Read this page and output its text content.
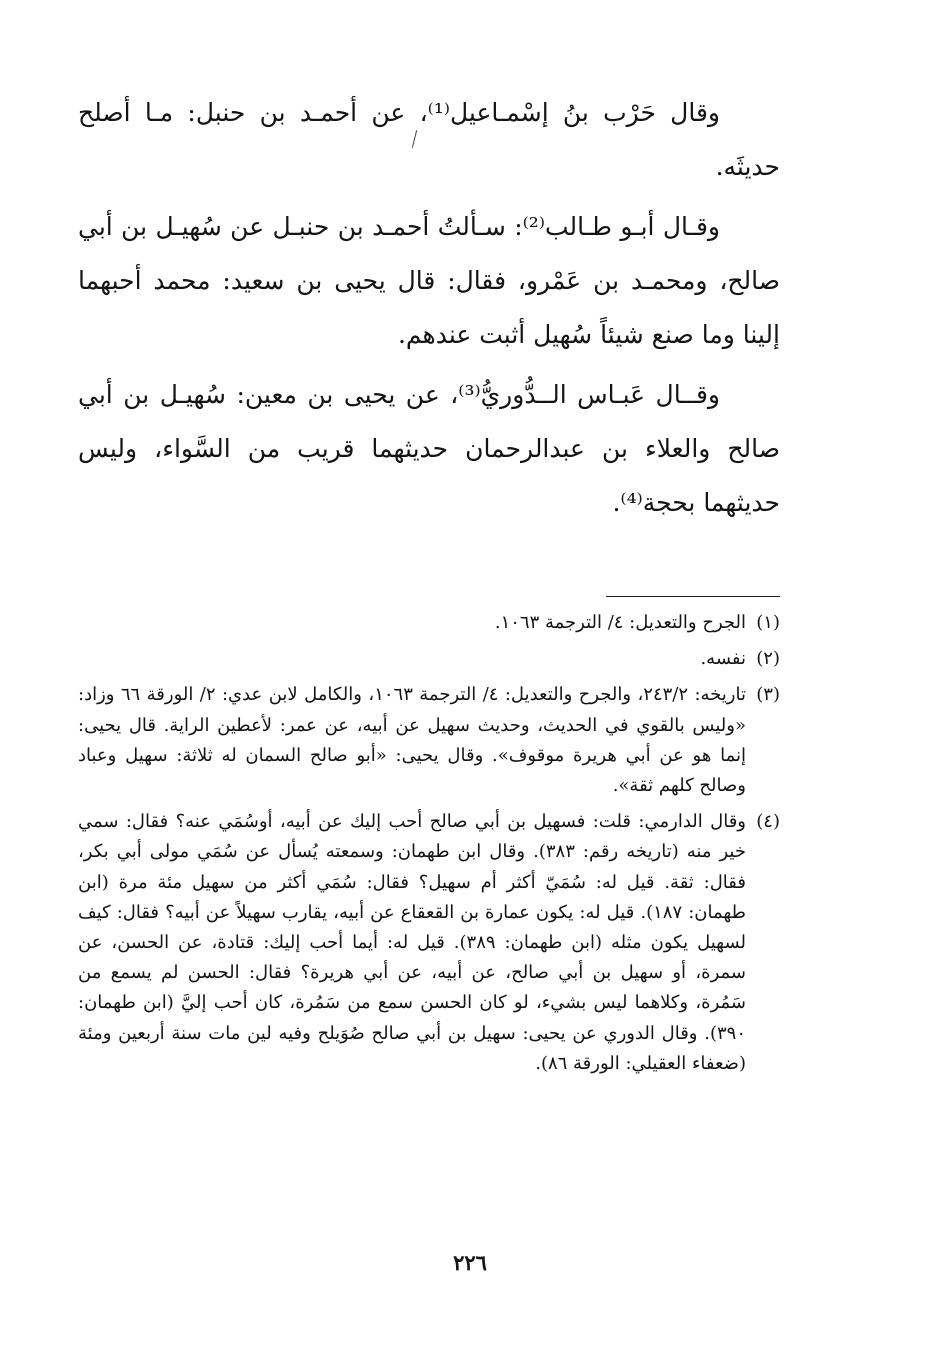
وقال حَرْب بنُ إسْمـاعيل⁽¹⁾، عن أحمـد بن حنبل: مـا أصلح حديثَه.

وقـال أبـو طـالب⁽²⁾: سـألتُ أحمـد بن حنبـل عن سُهيـل بن أبي صالح، ومحمـد بن عَمْرو، فقال: قال يحيى بن سعيد: محمد أحبهما إلينا وما صنع شيئاً سُهيل أثبت عندهم.

وقــال عَبـاس الــدُّوريُّ⁽³⁾، عن يحيى بن معين: سُهيـل بن أبي صالح والعلاء بن عبدالرحمان حديثهما قريب من السَّواء، وليس حديثهما بحجة⁽⁴⁾.

(١)
الجرح والتعديل: ٤/ الترجمة ١٠٦٣.
(٢)
نفسه.
(٣)
تاريخه: ٢٤٣/٢، والجرح والتعديل: ٤/ الترجمة ١٠٦٣، والكامل لابن عدي: ٢/ الورقة ٦٦ وزاد: «وليس بالقوي في الحديث، وحديث سهيل عن أبيه، عن عمر: لأعطين الراية. قال يحيى: إنما هو عن أبي هريرة موقوف». وقال يحيى: «أبو صالح السمان له ثلاثة: سهيل وعباد وصالح كلهم ثقة».
(٤)
وقال الدارمي: قلت: فسهيل بن أبي صالح أحب إليك عن أبيه، أوسُمَي عنه؟ فقال: سمي خير منه (تاريخه رقم: ٣٨٣). وقال ابن طهمان: وسمعته يُسأل عن سُمَي مولى أبي بكر، فقال: ثقة. قيل له: سُمَيّ أكثر أم سهيل؟ فقال: سُمَي أكثر من سهيل مئة مرة (ابن طهمان: ١٨٧). قيل له: يكون عمارة بن القعقاع عن أبيه، يقارب سهيلاً عن أبيه؟ فقال: كيف لسهيل يكون مثله (ابن طهمان: ٣٨٩). قيل له: أيما أحب إليك: قتادة، عن الحسن، عن سمرة، أو سهيل بن أبي صالح، عن أبيه، عن أبي هريرة؟ فقال: الحسن لم يسمع من سَمُرة، وكلاهما ليس بشيء، لو كان الحسن سمع من سَمُرة، كان أحب إليَّ (ابن طهمان: ٣٩٠). وقال الدوري عن يحيى: سهيل بن أبي صالح صُوَيلح وفيه لين مات سنة أربعين ومئة (ضعفاء العقيلي: الورقة ٨٦).
٢٢٦
